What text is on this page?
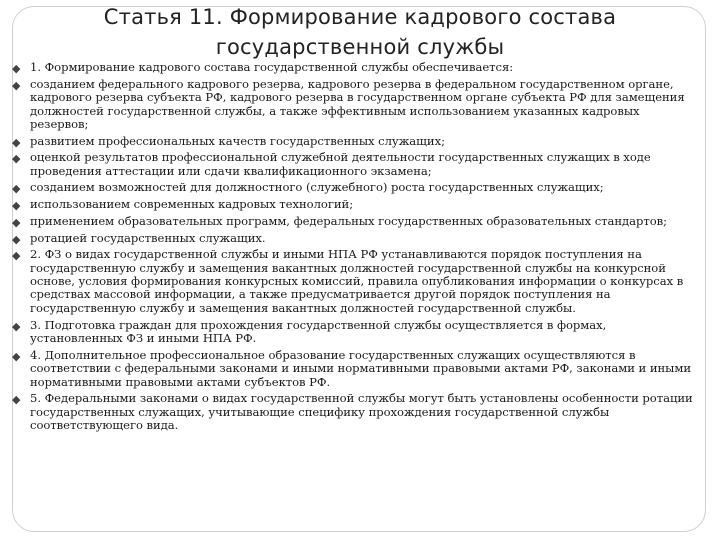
Статья 11. Формирование кадрового состава
государственной службы
◆ 1. Формирование кадрового состава государственной службы обеспечивается:
◆ созданием федерального кадрового резерва, кадрового резерва в федеральном государственном органе, кадрового резерва субъекта РФ, кадрового резерва в государственном органе субъекта РФ для замещения должностей государственной службы, а также эффективным использованием указанных кадровых резервов;
◆ развитием профессиональных качеств государственных служащих;
◆ оценкой результатов профессиональной служебной деятельности государственных служащих в ходе проведения аттестации или сдачи квалификационного экзамена;
◆ созданием возможностей для должностного (служебного) роста государственных служащих;
◆ использованием современных кадровых технологий;
◆ применением образовательных программ, федеральных государственных образовательных стандартов;
◆ ротацией государственных служащих.
◆ 2. ФЗ о видах государственной службы и иными НПА РФ устанавливаются порядок поступления на государственную службу и замещения вакантных должностей государственной службы на конкурсной основе, условия формирования конкурсных комиссий, правила опубликования информации о конкурсах в средствах массовой информации, а также предусматривается другой порядок поступления на государственную службу и замещения вакантных должностей государственной службы.
◆ 3. Подготовка граждан для прохождения государственной службы осуществляется в формах, установленных ФЗ и иными НПА РФ.
◆ 4. Дополнительное профессиональное образование государственных служащих осуществляются в соответствии с федеральными законами и иными нормативными правовыми актами РФ, законами и иными нормативными правовыми актами субъектов РФ.
◆ 5. Федеральными законами о видах государственной службы могут быть установлены особенности ротации государственных служащих, учитывающие специфику прохождения государственной службы соответствующего вида.
